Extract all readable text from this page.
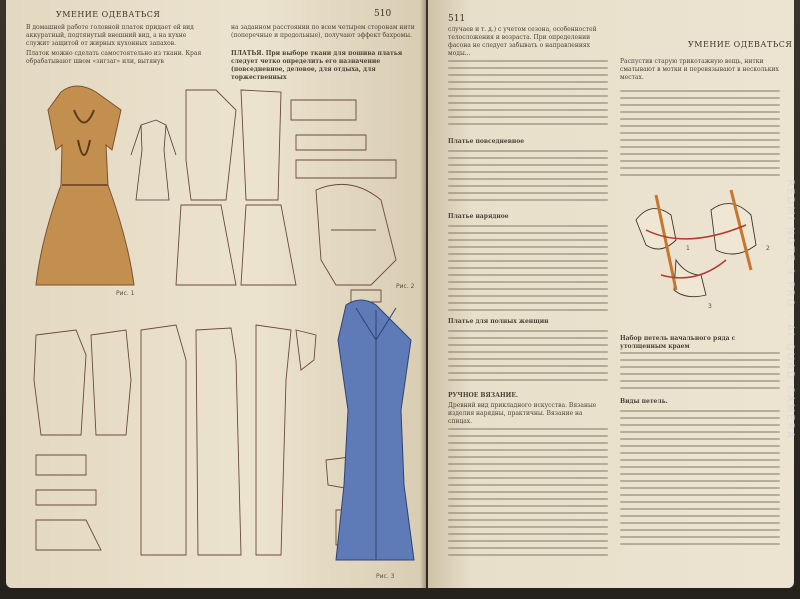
УМЕНИЕ ОДЕВАТЬСЯ	510
В домашней работе головной платок придает ей вид аккуратный, подтянутый внешний вид, а на кухне служит защитой от жирных кухонных запахов.
Платок можно сделать самостоятельно из ткани. Края обрабатывают швом «зигзаг» или, вытянув
на заданном расстоянии по всем четырем сторонам нити (поперечные и продольные), получают эффект бахромы.
ПЛАТЬЯ. При выборе ткани для пошива платья следует четко определить его назначение (повседневное, деловое, для отдыха, для торжественных
Рис. 1
Рис. 2
Рис. 3
511
УМЕНИЕ ОДЕВАТЬСЯ
случаев и т. д.) с учетом сезона, особенностей телосложения и возраста. При определении фасона не следует забывать о направлениях моды...
Платье повседневное
Платье нарядное
Платье для полных женщин
РУЧНОЕ ВЯЗАНИЕ.
Древний вид прикладного искусства. Вязаные изделия нарядны, практичны. Вязание на спицах.
Распустив старую трикотажную вещь, нитки сматывают в мотки и перевязывают в нескольких местах.
1	2
3
Набор петель начального ряда с утолщенным краем
Виды петель.
REDMI NOTE 9 PRO · AI QUAD CAMERA
